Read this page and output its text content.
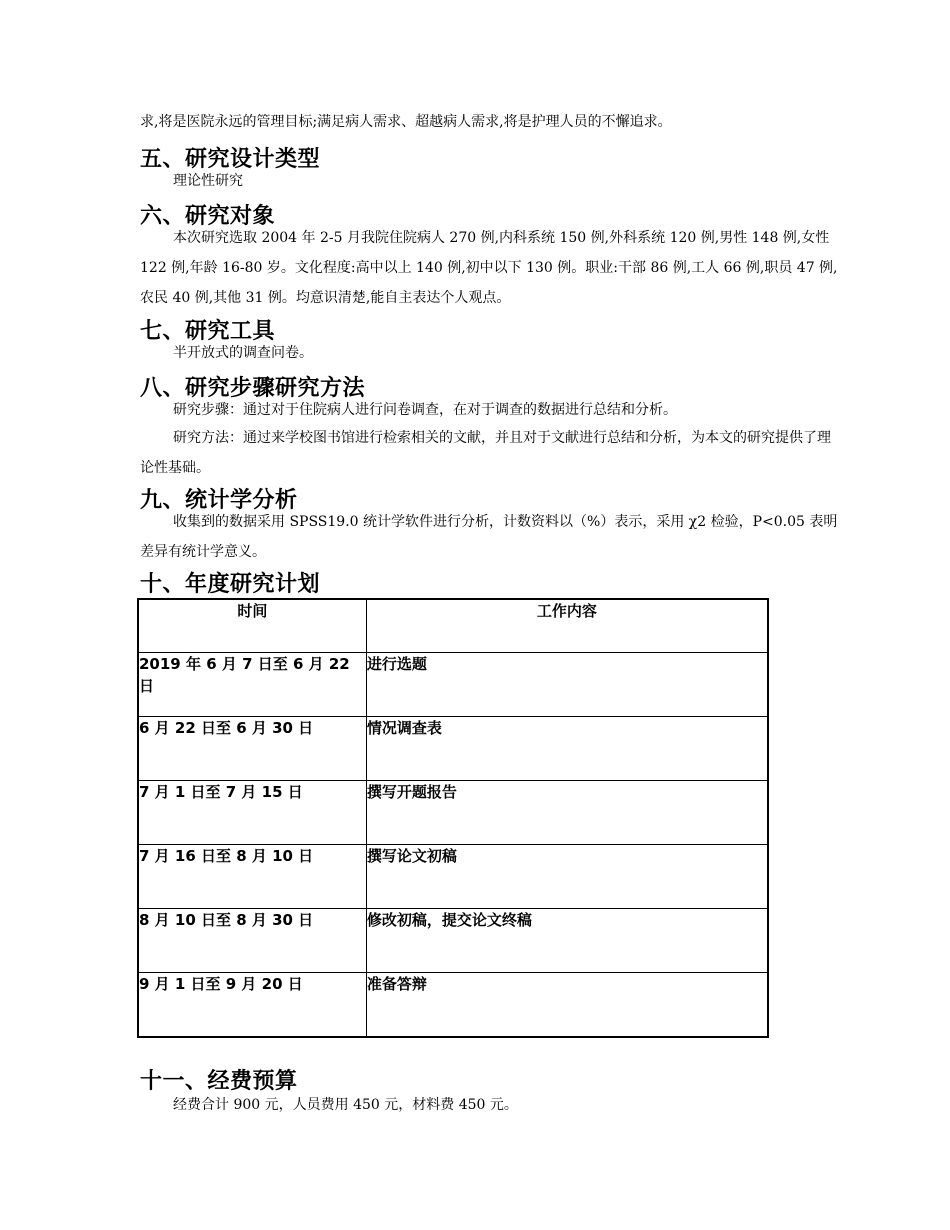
求,将是医院永远的管理目标;满足病人需求、超越病人需求,将是护理人员的不懈追求。

五、研究设计类型

理论性研究

六、研究对象

本次研究选取 2004 年 2-5 月我院住院病人 270 例,内科系统 150 例,外科系统 120 例,男性 148 例,女性 122 例,年龄 16-80 岁。文化程度:高中以上 140 例,初中以下 130 例。职业:干部 86 例,工人 66 例,职员 47 例,农民 40 例,其他 31 例。均意识清楚,能自主表达个人观点。

七、研究工具

半开放式的调查问卷。

八、研究步骤研究方法

研究步骤：通过对于住院病人进行问卷调查，在对于调查的数据进行总结和分析。

研究方法：通过来学校图书馆进行检索相关的文献，并且对于文献进行总结和分析，为本文的研究提供了理论性基础。

九、统计学分析

收集到的数据采用 SPSS19.0 统计学软件进行分析，计数资料以（%）表示，采用 χ2 检验，P<0.05 表明差异有统计学意义。

十、年度研究计划
时间	工作内容
2019 年 6 月 7 日至 6 月 22 日	进行选题
6 月 22 日至 6 月 30 日	情况调查表
7 月 1 日至 7 月 15 日	撰写开题报告
7 月 16 日至 8 月 10 日	撰写论文初稿
8 月 10 日至 8 月 30 日	修改初稿，提交论文终稿
9 月 1 日至 9 月 20 日	准备答辩
十一、经费预算

经费合计 900 元，人员费用 450 元，材料费 450 元。
